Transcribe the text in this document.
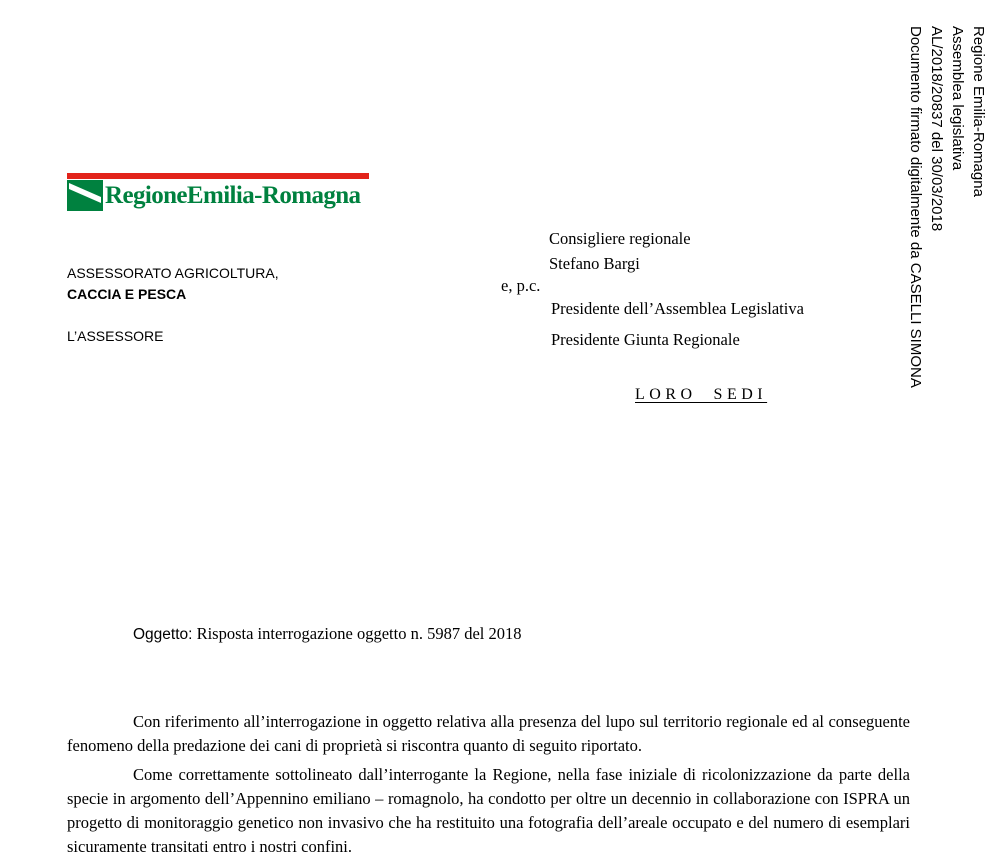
RegioneEmilia-Romagna
ASSESSORATO AGRICOLTURA,
CACCIA E PESCA
L’ASSESSORE
Consigliere regionale
Stefano Bargi
e, p.c.
Presidente dell’Assemblea Legislativa
Presidente Giunta Regionale
LORO  SEDI
Regione Emilia-Romagna
Assemblea legislativa
AL/2018/20837 del 30/03/2018
Documento firmato digitalmente da CASELLI SIMONA
Oggetto: Risposta interrogazione oggetto n. 5987 del 2018
Con riferimento all’interrogazione in oggetto relativa alla presenza del lupo sul territorio regionale ed al conseguente fenomeno della predazione dei cani di proprietà si riscontra quanto di seguito riportato.
Come correttamente sottolineato dall’interrogante la Regione, nella fase iniziale di ricolonizzazione da parte della specie in argomento dell’Appennino emiliano – romagnolo, ha condotto per oltre un decennio in collaborazione con ISPRA un progetto di monitoraggio genetico non invasivo che ha restituito una fotografia dell’areale occupato e del numero di esemplari sicuramente transitati entro i nostri confini.
